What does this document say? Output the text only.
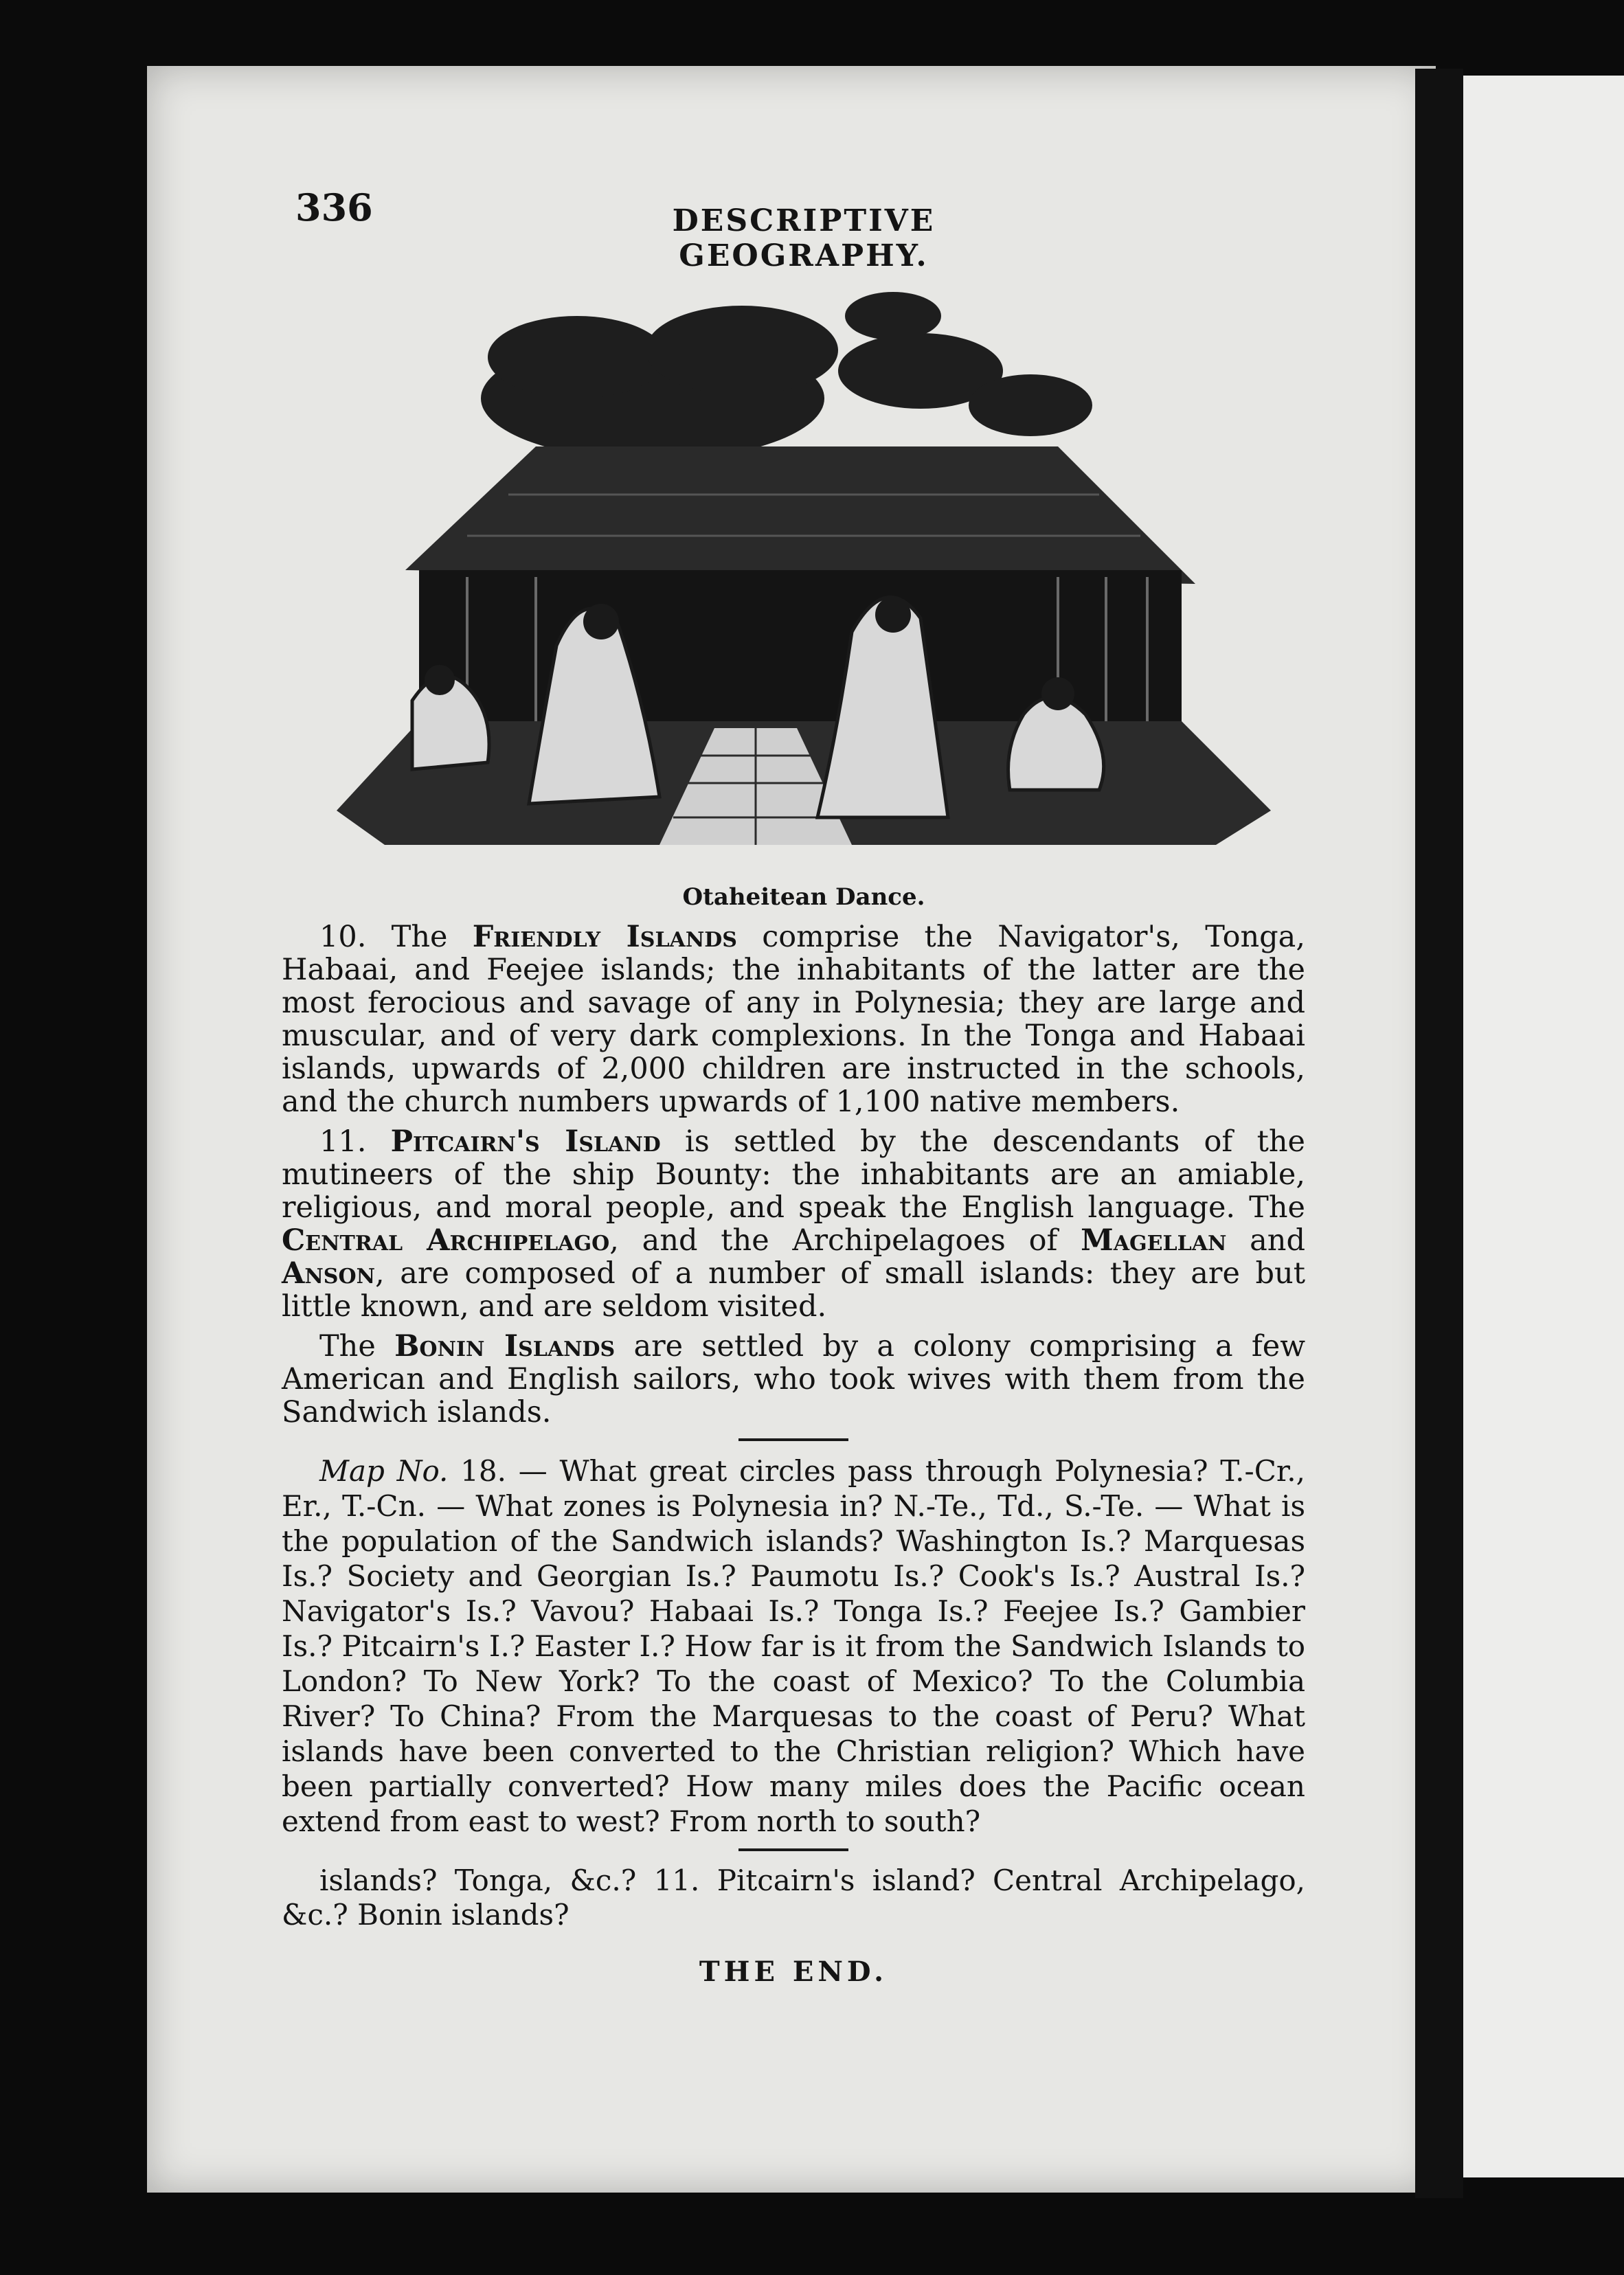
336	DESCRIPTIVE GEOGRAPHY.
Otaheitean Dance.

10. The Friendly Islands comprise the Navigator's, Tonga, Habaai, and Feejee islands; the inhabitants of the latter are the most ferocious and savage of any in Polynesia; they are large and muscular, and of very dark complexions. In the Tonga and Habaai islands, upwards of 2,000 children are instructed in the schools, and the church numbers upwards of 1,100 native members.

11. Pitcairn's Island is settled by the descendants of the mutineers of the ship Bounty: the inhabitants are an amiable, religious, and moral people, and speak the English language. The Central Archipelago, and the Archipelagoes of Magellan and Anson, are composed of a number of small islands: they are but little known, and are seldom visited.

The Bonin Islands are settled by a colony comprising a few American and English sailors, who took wives with them from the Sandwich islands.

Map No. 18. — What great circles pass through Polynesia? T.-Cr., Er., T.-Cn. — What zones is Polynesia in? N.-Te., Td., S.-Te. — What is the population of the Sandwich islands? Washington Is.? Marquesas Is.? Society and Georgian Is.? Paumotu Is.? Cook's Is.? Austral Is.? Navigator's Is.? Vavou? Habaai Is.? Tonga Is.? Feejee Is.? Gambier Is.? Pitcairn's I.? Easter I.? How far is it from the Sandwich Islands to London? To New York? To the coast of Mexico? To the Columbia River? To China? From the Marquesas to the coast of Peru? What islands have been converted to the Christian religion? Which have been partially converted? How many miles does the Pacific ocean extend from east to west? From north to south?

islands? Tonga, &c.? 11. Pitcairn's island? Central Archipelago, &c.? Bonin islands?

THE END.
